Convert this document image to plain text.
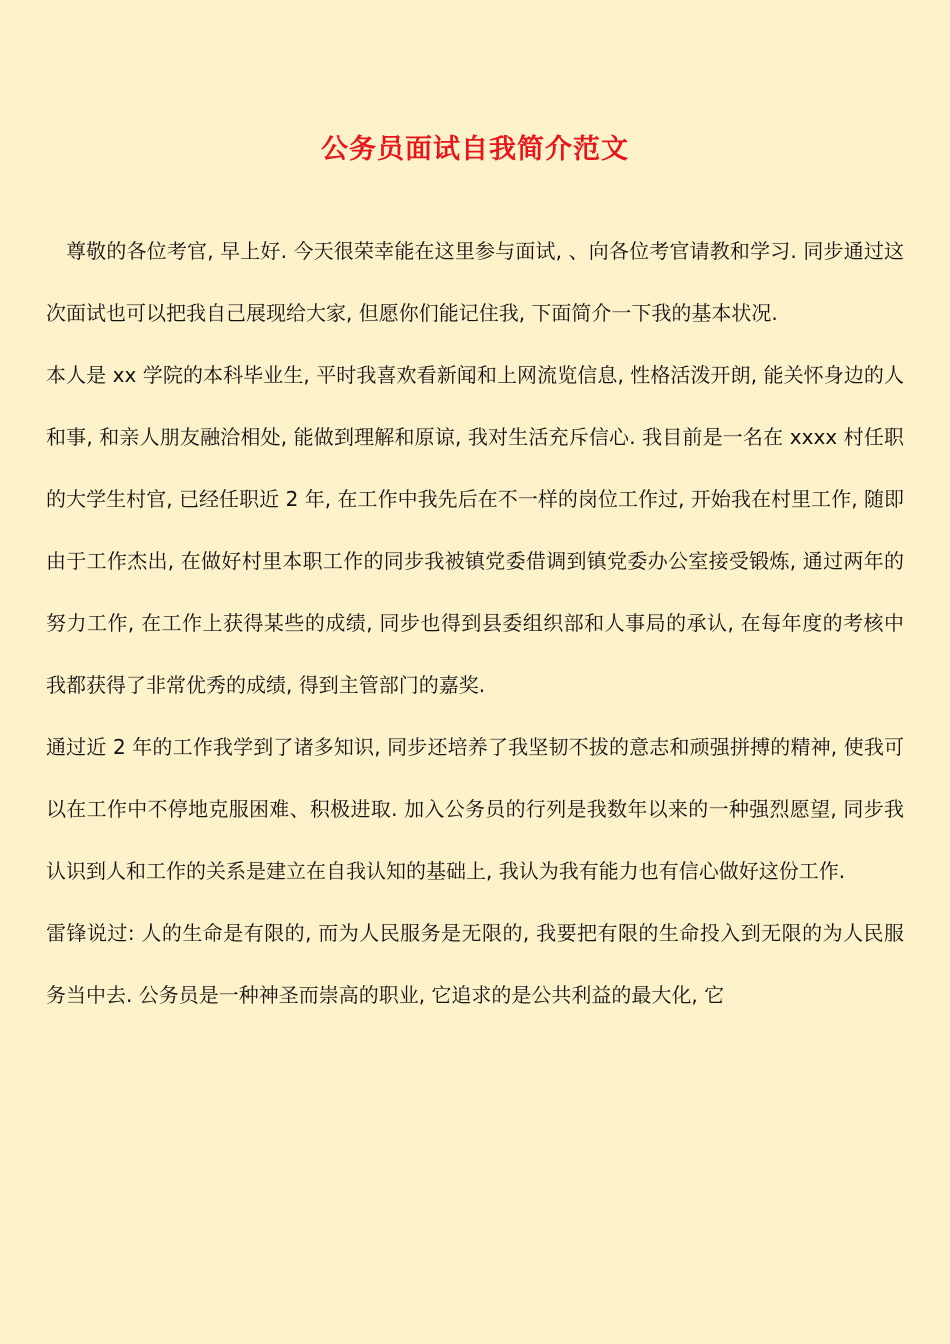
公务员面试自我简介范文

尊敬的各位考官, 早上好. 今天很荣幸能在这里参与面试, 、向各位考官请教和学习. 同步通过这次面试也可以把我自己展现给大家, 但愿你们能记住我, 下面简介一下我的基本状况.

本人是 xx 学院的本科毕业生, 平时我喜欢看新闻和上网流览信息, 性格活泼开朗, 能关怀身边的人和事, 和亲人朋友融洽相处, 能做到理解和原谅, 我对生活充斥信心. 我目前是一名在 xxxx 村任职的大学生村官, 已经任职近 2 年, 在工作中我先后在不一样的岗位工作过, 开始我在村里工作, 随即由于工作杰出, 在做好村里本职工作的同步我被镇党委借调到镇党委办公室接受锻炼, 通过两年的努力工作, 在工作上获得某些的成绩, 同步也得到县委组织部和人事局的承认, 在每年度的考核中我都获得了非常优秀的成绩, 得到主管部门的嘉奖.

通过近 2 年的工作我学到了诸多知识, 同步还培养了我坚韧不拔的意志和顽强拼搏的精神, 使我可以在工作中不停地克服困难、积极进取. 加入公务员的行列是我数年以来的一种强烈愿望, 同步我认识到人和工作的关系是建立在自我认知的基础上, 我认为我有能力也有信心做好这份工作.

雷锋说过: 人的生命是有限的, 而为人民服务是无限的, 我要把有限的生命投入到无限的为人民服务当中去. 公务员是一种神圣而崇高的职业, 它追求的是公共利益的最大化, 它
